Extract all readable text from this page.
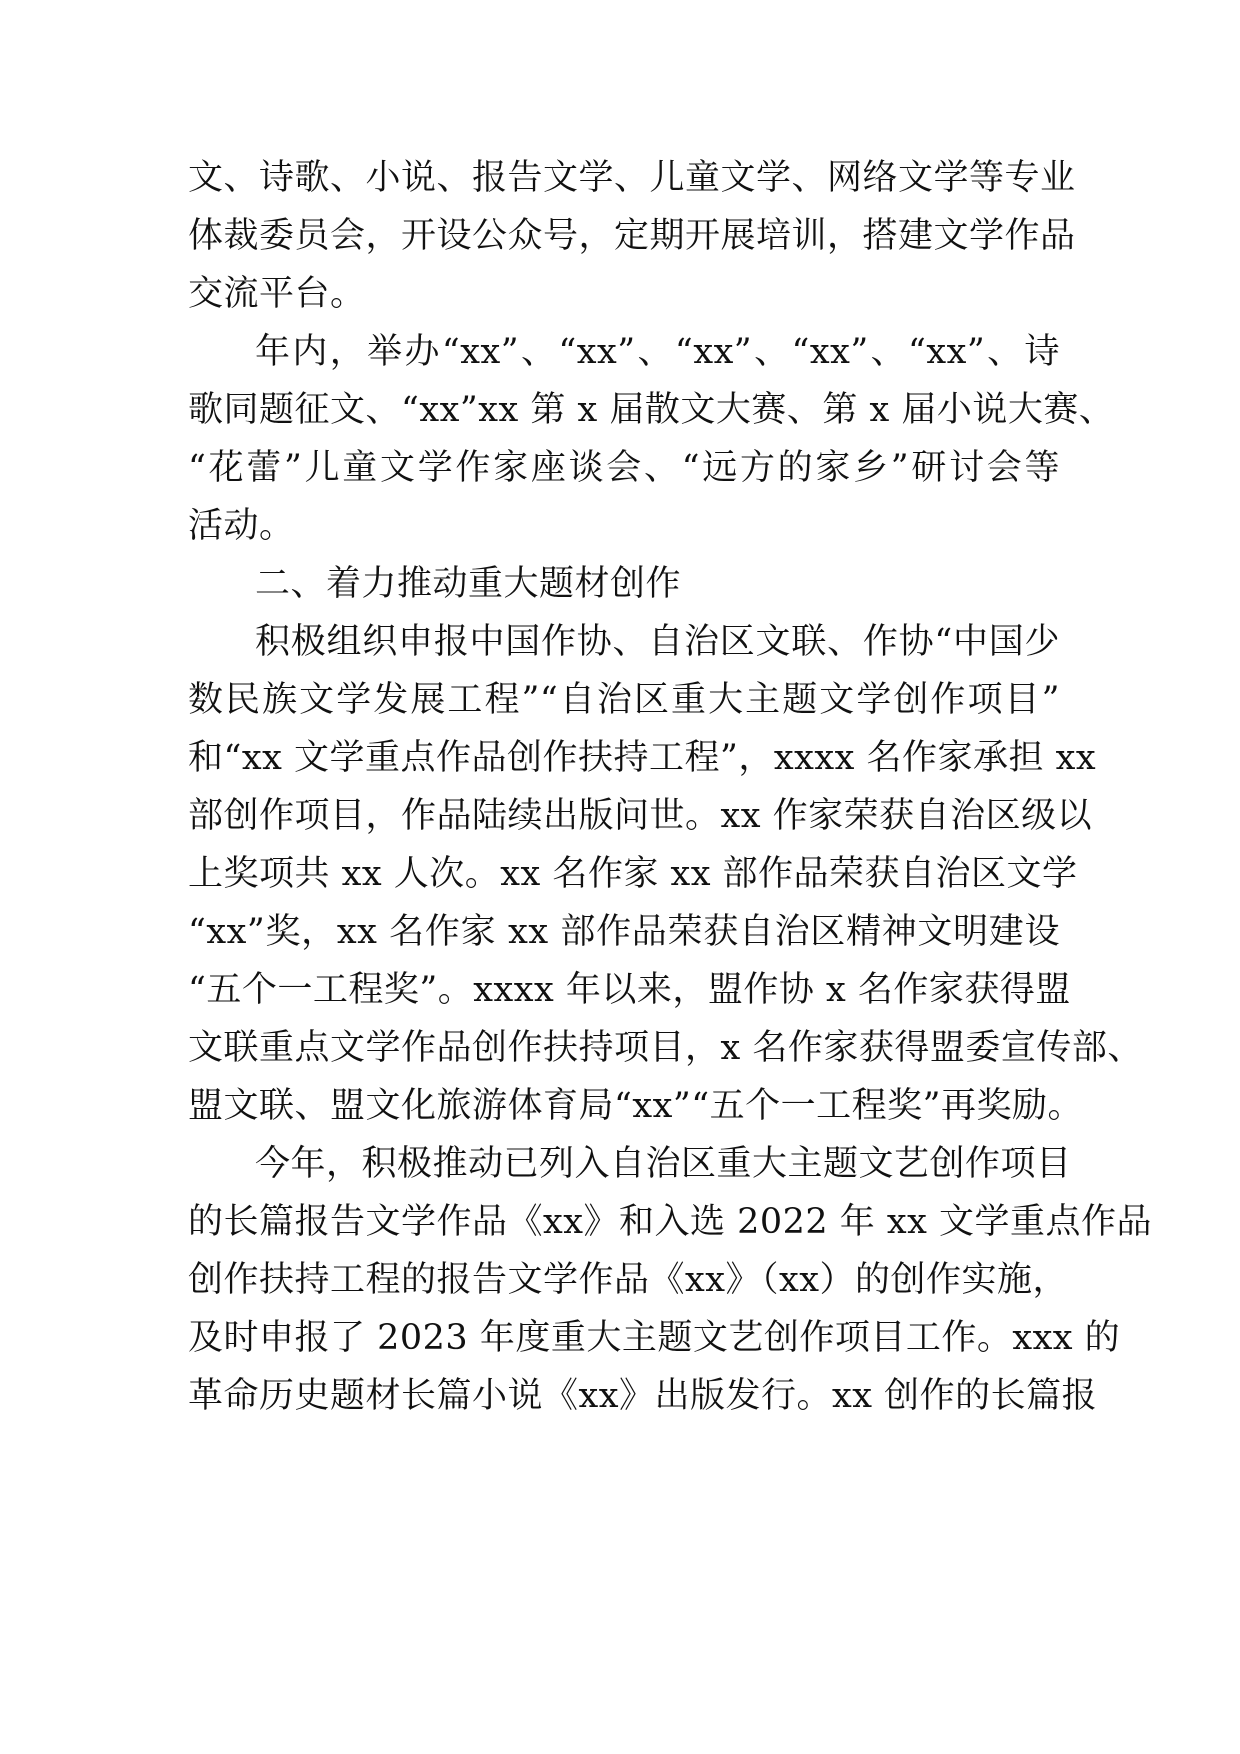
文、诗歌、小说、报告文学、儿童文学、网络文学等专业
体裁委员会，开设公众号，定期开展培训，搭建文学作品
交流平台。
年内，举办“xx”、“xx”、“xx”、“xx”、“xx”、诗
歌同题征文、“xx”xx 第 x 届散文大赛、第 x 届小说大赛、
“花蕾”儿童文学作家座谈会、“远方的家乡”研讨会等
活动。
二、着力推动重大题材创作
积极组织申报中国作协、自治区文联、作协“中国少
数民族文学发展工程”“自治区重大主题文学创作项目”
和“xx 文学重点作品创作扶持工程”，xxxx 名作家承担 xx
部创作项目，作品陆续出版问世。xx 作家荣获自治区级以
上奖项共 xx 人次。xx 名作家 xx 部作品荣获自治区文学
“xx”奖，xx 名作家 xx 部作品荣获自治区精神文明建设
“五个一工程奖”。xxxx 年以来，盟作协 x 名作家获得盟
文联重点文学作品创作扶持项目，x 名作家获得盟委宣传部、
盟文联、盟文化旅游体育局“xx”“五个一工程奖”再奖励。
今年，积极推动已列入自治区重大主题文艺创作项目
的长篇报告文学作品《xx》和入选 2022 年 xx 文学重点作品
创作扶持工程的报告文学作品《xx》（xx）的创作实施，
及时申报了 2023 年度重大主题文艺创作项目工作。xxx 的
革命历史题材长篇小说《xx》出版发行。xx 创作的长篇报
